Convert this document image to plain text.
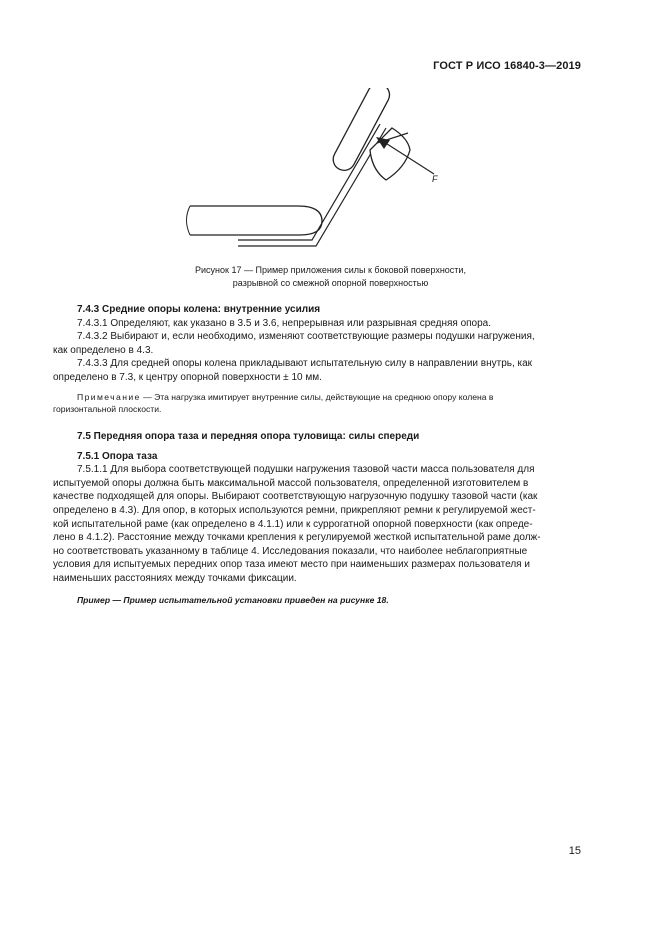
ГОСТ Р ИСО 16840-3—2019
F
Рисунок 17 — Пример приложения силы к боковой поверхности,
разрывной со смежной опорной поверхностью

7.4.3 Средние опоры колена: внутренние усилия

7.4.3.1 Определяют, как указано в 3.5 и 3.6, непрерывная или разрывная средняя опора.

7.4.3.2 Выбирают и, если необходимо, изменяют соответствующие размеры подушки нагружения,

как определено в 4.3.

7.4.3.3 Для средней опоры колена прикладывают испытательную силу в направлении внутрь, как

определено в 7.3, к центру опорной поверхности ± 10 мм.

Примечание — Эта нагрузка имитирует внутренние силы, действующие на среднюю опору колена в

горизонтальной плоскости.

7.5 Передняя опора таза и передняя опора туловища: силы спереди

7.5.1 Опора таза

7.5.1.1 Для выбора соответствующей подушки нагружения тазовой части масса пользователя для

испытуемой опоры должна быть максимальной массой пользователя, определенной изготовителем в

качестве подходящей для опоры. Выбирают соответствующую нагрузочную подушку тазовой части (как

определено в 4.3). Для опор, в которых используются ремни, прикрепляют ремни к регулируемой жест-

кой испытательной раме (как определено в 4.1.1) или к суррогатной опорной поверхности (как опреде-

лено в 4.1.2). Расстояние между точками крепления к регулируемой жесткой испытательной раме долж-

но соответствовать указанному в таблице 4. Исследования показали, что наиболее неблагоприятные

условия для испытуемых передних опор таза имеют место при наименьших размерах пользователя и

наименьших расстояниях между точками фиксации.

Пример — Пример испытательной установки приведен на рисунке 18.

15
